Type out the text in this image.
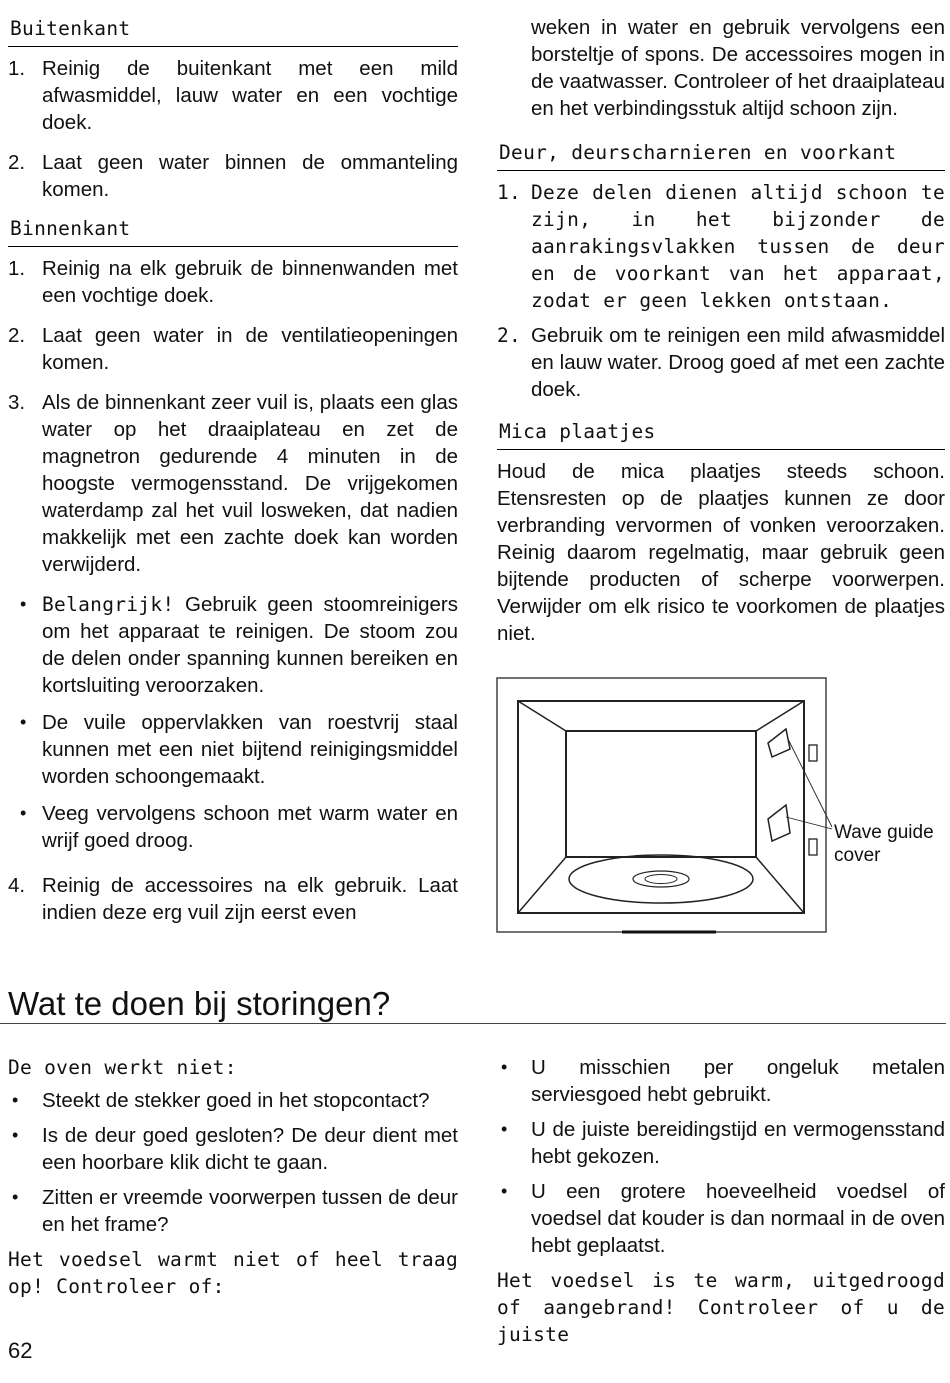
Buitenkant
1. Reinig de buitenkant met een mild afwasmiddel, lauw water en een vochtige doek.
2. Laat geen water binnen de ommanteling komen.
Binnenkant
1. Reinig na elk gebruik de binnenwanden met een vochtige doek.
2. Laat geen water in de ventilatieopeningen komen.
3. Als de binnenkant zeer vuil is, plaats een glas water op het draaiplateau en zet de magnetron gedurende 4 minuten in de hoogste vermogensstand. De vrijgekomen waterdamp zal het vuil losweken, dat nadien makkelijk met een zachte doek kan worden verwijderd.
• Belangrijk! Gebruik geen stoomreinigers om het apparaat te reinigen. De stoom zou de delen onder spanning kunnen bereiken en kortsluiting veroorzaken.
• De vuile oppervlakken van roestvrij staal kunnen met een niet bijtend reinigingsmiddel worden schoongemaakt.
• Veeg vervolgens schoon met warm water en wrijf goed droog.
4. Reinig de accessoires na elk gebruik. Laat indien deze erg vuil zijn eerst even
weken in water en gebruik vervolgens een borsteltje of spons. De accessoires mogen in de vaatwasser. Controleer of het draaiplateau en het verbindingsstuk altijd schoon zijn.
Deur, deurscharnieren en voorkant
1. Deze delen dienen altijd schoon te zijn, in het bijzonder de aanrakingsvlakken tussen de deur en de voorkant van het apparaat, zodat er geen lekken ontstaan.
2. Gebruik om te reinigen een mild afwasmiddel en lauw water. Droog goed af met een zachte doek.
Mica plaatjes
Houd de mica plaatjes steeds schoon. Etensresten op de plaatjes kunnen ze door verbranding vervormen of vonken veroorzaken. Reinig daarom regelmatig, maar gebruik geen bijtende producten of scherpe voorwerpen. Verwijder om elk risico te voorkomen de plaatjes niet.
Wave guide
cover
Wat te doen bij storingen?
De oven werkt niet:
• Steekt de stekker goed in het stopcontact?
• Is de deur goed gesloten? De deur dient met een hoorbare klik dicht te gaan.
• Zitten er vreemde voorwerpen tussen de deur en het frame?
Het voedsel warmt niet of heel traag op! Controleer of:
• U misschien per ongeluk metalen serviesgoed hebt gebruikt.
• U de juiste bereidingstijd en vermogensstand hebt gekozen.
• U een grotere hoeveelheid voedsel of voedsel dat kouder is dan normaal in de oven hebt geplaatst.
Het voedsel is te warm, uitgedroogd of aangebrand! Controleer of u de juiste
62
